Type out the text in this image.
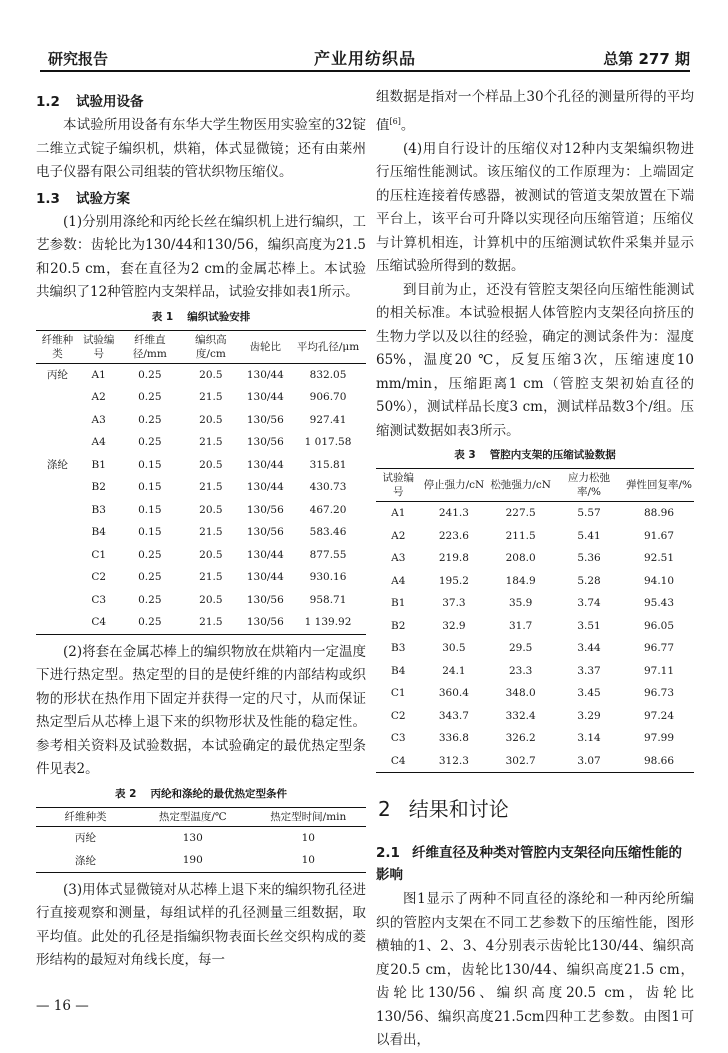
研究报告	产业用纺织品	总第 277 期
1.2 试验用设备

本试验所用设备有东华大学生物医用实验室的32锭二维立式锭子编织机，烘箱，体式显微镜；还有由莱州电子仪器有限公司组装的管状织物压缩仪。

1.3 试验方案

(1)分别用涤纶和丙纶长丝在编织机上进行编织，工艺参数：齿轮比为130/44和130/56，编织高度为21.5和20.5 cm，套在直径为2 cm的金属芯棒上。本试验共编织了12种管腔内支架样品，试验安排如表1所示。

表 1 编织试验安排
纤维种类	试验编号	纤维直径/mm	编织高度/cm	齿轮比	平均孔径/μm
丙纶	A1	0.25	20.5	130/44	832.05
	A2	0.25	21.5	130/44	906.70
	A3	0.25	20.5	130/56	927.41
	A4	0.25	21.5	130/56	1 017.58
涤纶	B1	0.15	20.5	130/44	315.81
	B2	0.15	21.5	130/44	430.73
	B3	0.15	20.5	130/56	467.20
	B4	0.15	21.5	130/56	583.46
	C1	0.25	20.5	130/44	877.55
	C2	0.25	21.5	130/44	930.16
	C3	0.25	20.5	130/56	958.71
	C4	0.25	21.5	130/56	1 139.92

(2)将套在金属芯棒上的编织物放在烘箱内一定温度下进行热定型。热定型的目的是使纤维的内部结构或织物的形状在热作用下固定并获得一定的尺寸，从而保证热定型后从芯棒上退下来的织物形状及性能的稳定性。参考相关资料及试验数据，本试验确定的最优热定型条件见表2。

表 2 丙纶和涤纶的最优热定型条件
纤维种类	热定型温度/℃	热定型时间/min
丙纶	130	10
涤纶	190	10

(3)用体式显微镜对从芯棒上退下来的编织物孔径进行直接观察和测量，每组试样的孔径测量三组数据，取平均值。此处的孔径是指编织物表面长丝交织构成的菱形结构的最短对角线长度，每一

组数据是指对一个样品上30个孔径的测量所得的平均值[6]。

(4)用自行设计的压缩仪对12种内支架编织物进行压缩性能测试。该压缩仪的工作原理为：上端固定的压柱连接着传感器，被测试的管道支架放置在下端平台上，该平台可升降以实现径向压缩管道；压缩仪与计算机相连，计算机中的压缩测试软件采集并显示压缩试验所得到的数据。

到目前为止，还没有管腔支架径向压缩性能测试的相关标准。本试验根据人体管腔内支架径向挤压的生物力学以及以往的经验，确定的测试条件为：湿度65%，温度20 ℃，反复压缩3次，压缩速度10 mm/min，压缩距离1 cm（管腔支架初始直径的50%），测试样品长度3 cm，测试样品数3个/组。压缩测试数据如表3所示。

表 3 管腔内支架的压缩试验数据
试验编号	停止强力/cN	松弛强力/cN	应力松弛率/%	弹性回复率/%
A1	241.3	227.5	5.57	88.96
A2	223.6	211.5	5.41	91.67
A3	219.8	208.0	5.36	92.51
A4	195.2	184.9	5.28	94.10
B1	37.3	35.9	3.74	95.43
B2	32.9	31.7	3.51	96.05
B3	30.5	29.5	3.44	96.77
B4	24.1	23.3	3.37	97.11
C1	360.4	348.0	3.45	96.73
C2	343.7	332.4	3.29	97.24
C3	336.8	326.2	3.14	97.99
C4	312.3	302.7	3.07	98.66
2 结果和讨论
2.1 纤维直径及种类对管腔内支架径向压缩性能的影响

图1显示了两种不同直径的涤纶和一种丙纶所编织的管腔内支架在不同工艺参数下的压缩性能，图形横轴的1、2、3、4分别表示齿轮比130/44、编织高度20.5 cm，齿轮比130/44、编织高度21.5 cm，齿轮比130/56、编织高度20.5 cm，齿轮比130/56、编织高度21.5cm四种工艺参数。由图1可以看出，

— 16 —
